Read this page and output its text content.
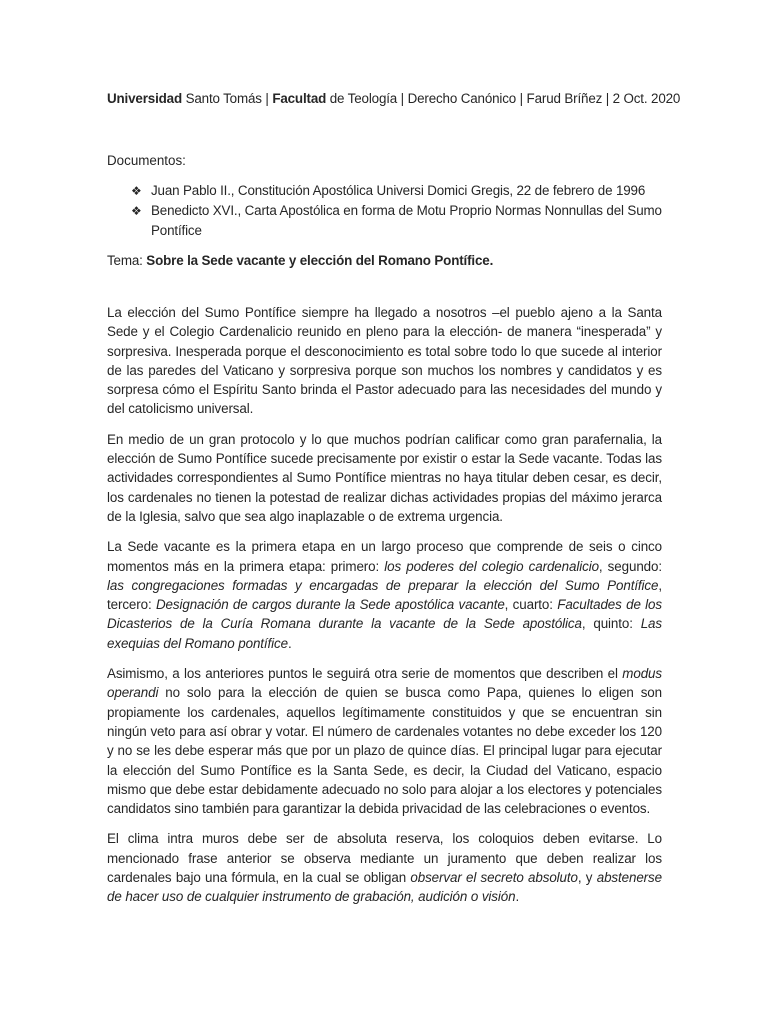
Universidad Santo Tomás | Facultad de Teología | Derecho Canónico | Farud Bríñez | 2 Oct. 2020
Documentos:
❖ Juan Pablo II., Constitución Apostólica Universi Domici Gregis, 22 de febrero de 1996
❖ Benedicto XVI., Carta Apostólica en forma de Motu Proprio Normas Nonnullas del Sumo Pontífice
Tema: Sobre la Sede vacante y elección del Romano Pontífice.

La elección del Sumo Pontífice siempre ha llegado a nosotros –el pueblo ajeno a la Santa Sede y el Colegio Cardenalicio reunido en pleno para la elección- de manera “inesperada” y sorpresiva. Inesperada porque el desconocimiento es total sobre todo lo que sucede al interior de las paredes del Vaticano y sorpresiva porque son muchos los nombres y candidatos y es sorpresa cómo el Espíritu Santo brinda el Pastor adecuado para las necesidades del mundo y del catolicismo universal.

En medio de un gran protocolo y lo que muchos podrían calificar como gran parafernalia, la elección de Sumo Pontífice sucede precisamente por existir o estar la Sede vacante. Todas las actividades correspondientes al Sumo Pontífice mientras no haya titular deben cesar, es decir, los cardenales no tienen la potestad de realizar dichas actividades propias del máximo jerarca de la Iglesia, salvo que sea algo inaplazable o de extrema urgencia.

La Sede vacante es la primera etapa en un largo proceso que comprende de seis o cinco momentos más en la primera etapa: primero: los poderes del colegio cardenalicio, segundo: las congregaciones formadas y encargadas de preparar la elección del Sumo Pontífice, tercero: Designación de cargos durante la Sede apostólica vacante, cuarto: Facultades de los Dicasterios de la Curía Romana durante la vacante de la Sede apostólica, quinto: Las exequias del Romano pontífice.

Asimismo, a los anteriores puntos le seguirá otra serie de momentos que describen el modus operandi no solo para la elección de quien se busca como Papa, quienes lo eligen son propiamente los cardenales, aquellos legítimamente constituidos y que se encuentran sin ningún veto para así obrar y votar. El número de cardenales votantes no debe exceder los 120 y no se les debe esperar más que por un plazo de quince días. El principal lugar para ejecutar la elección del Sumo Pontífice es la Santa Sede, es decir, la Ciudad del Vaticano, espacio mismo que debe estar debidamente adecuado no solo para alojar a los electores y potenciales candidatos sino también para garantizar la debida privacidad de las celebraciones o eventos.

El clima intra muros debe ser de absoluta reserva, los coloquios deben evitarse. Lo mencionado frase anterior se observa mediante un juramento que deben realizar los cardenales bajo una fórmula, en la cual se obligan observar el secreto absoluto, y abstenerse de hacer uso de cualquier instrumento de grabación, audición o visión.
